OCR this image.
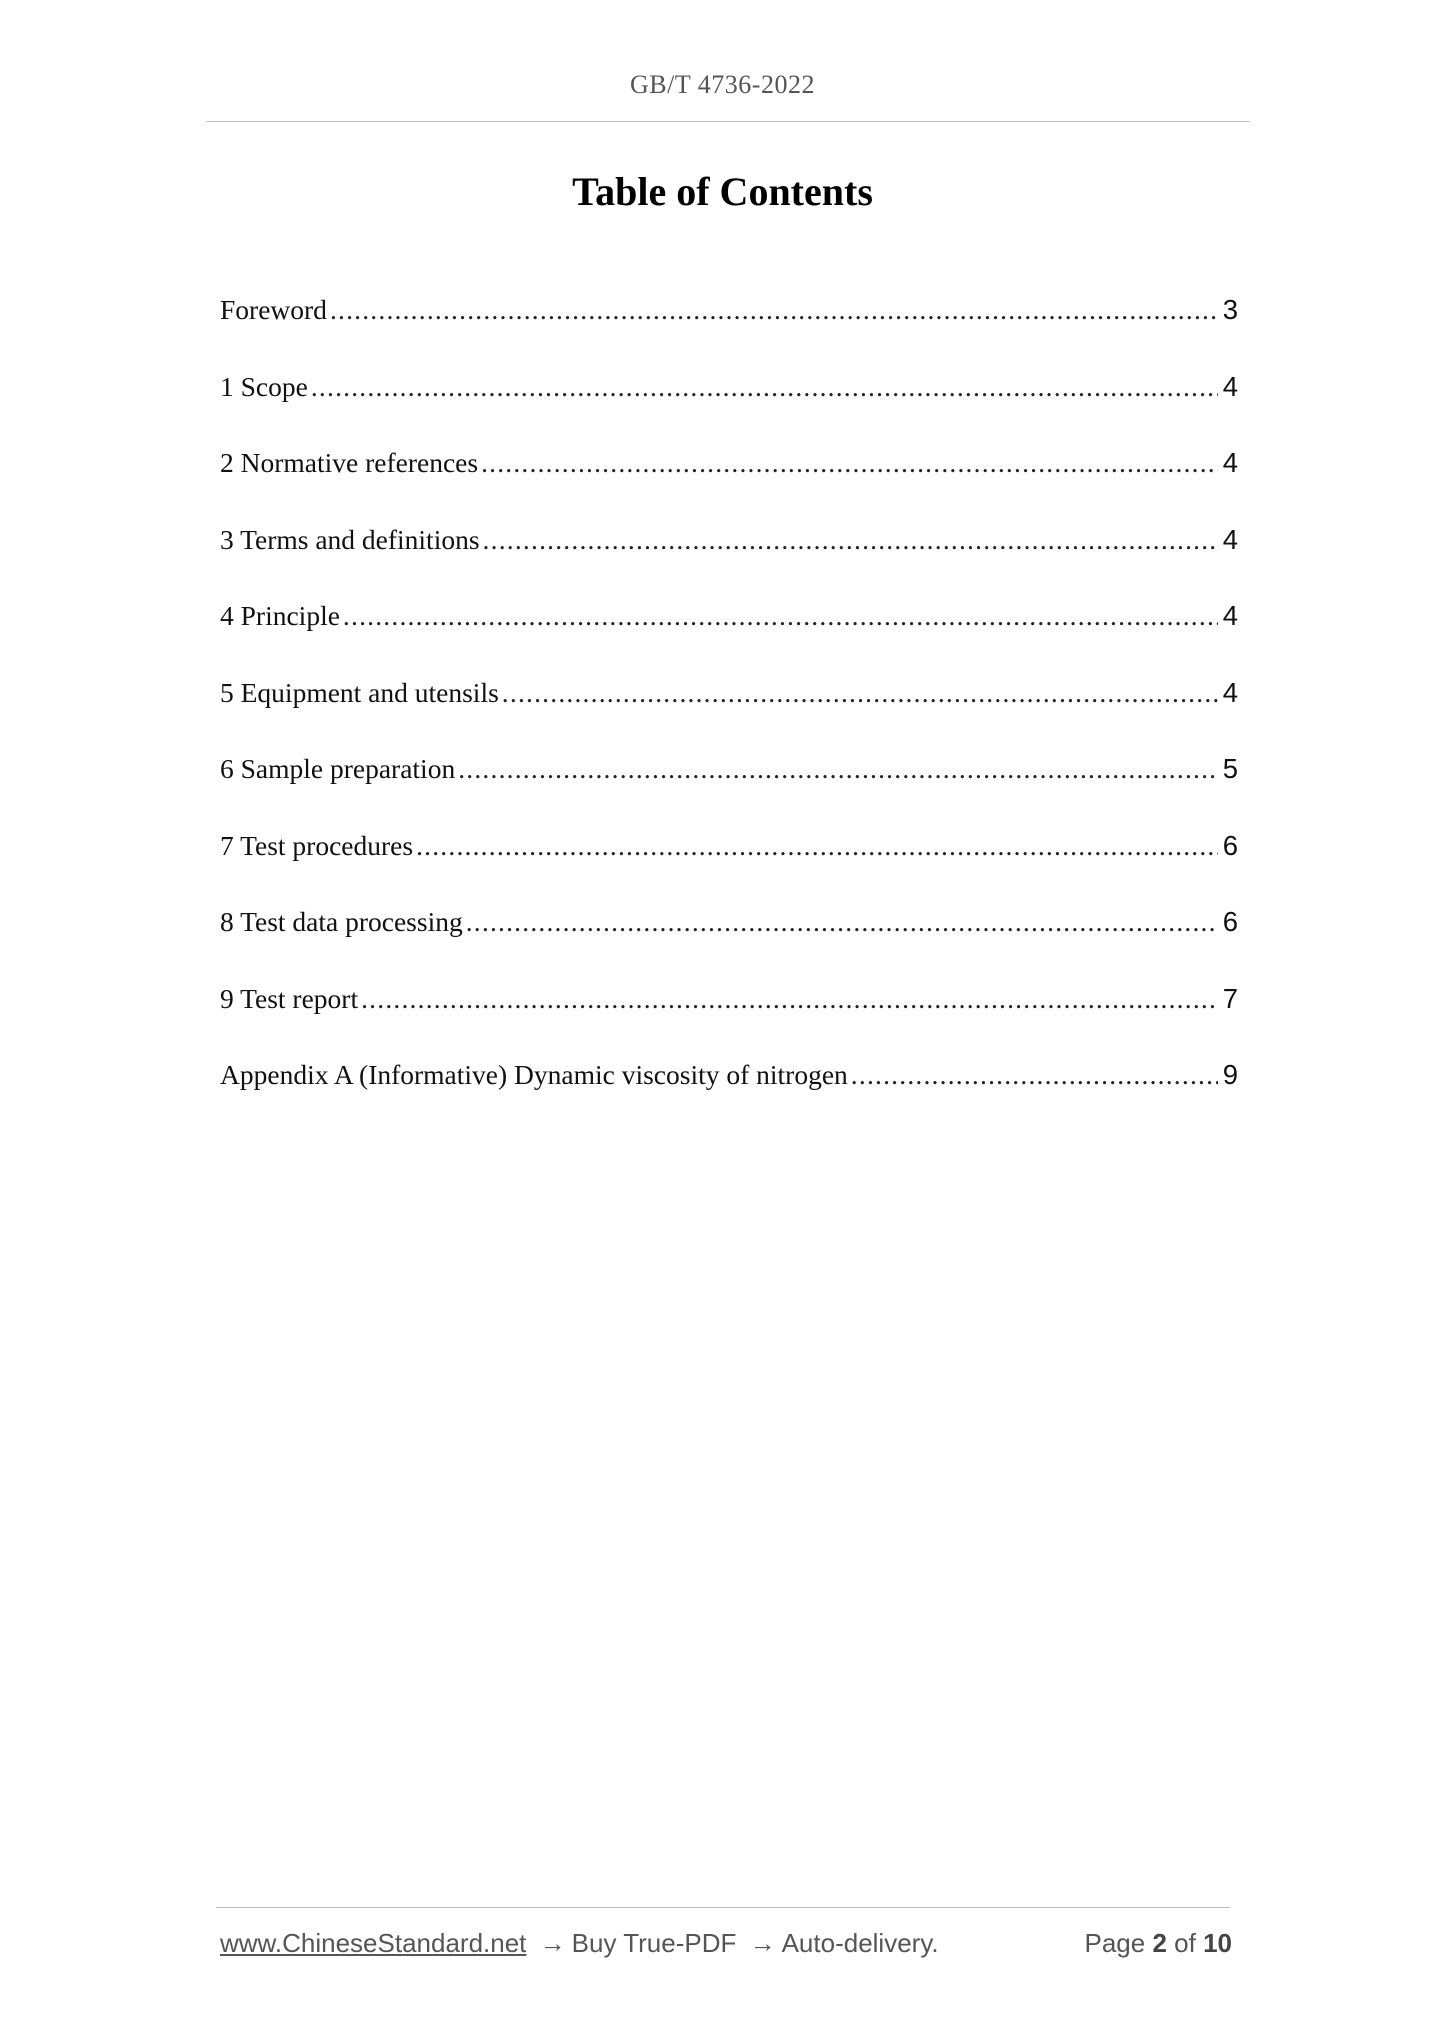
GB/T 4736-2022
Table of Contents
Foreword .....	3
1 Scope .....	4
2 Normative references .....	4
3 Terms and definitions .....	4
4 Principle .....	4
5 Equipment and utensils .....	4
6 Sample preparation .....	5
7 Test procedures .....	6
8 Test data processing .....	6
9 Test report .....	7
Appendix A (Informative) Dynamic viscosity of nitrogen .....	9
www.ChineseStandard.net → Buy True-PDF → Auto-delivery.	Page 2 of 10
